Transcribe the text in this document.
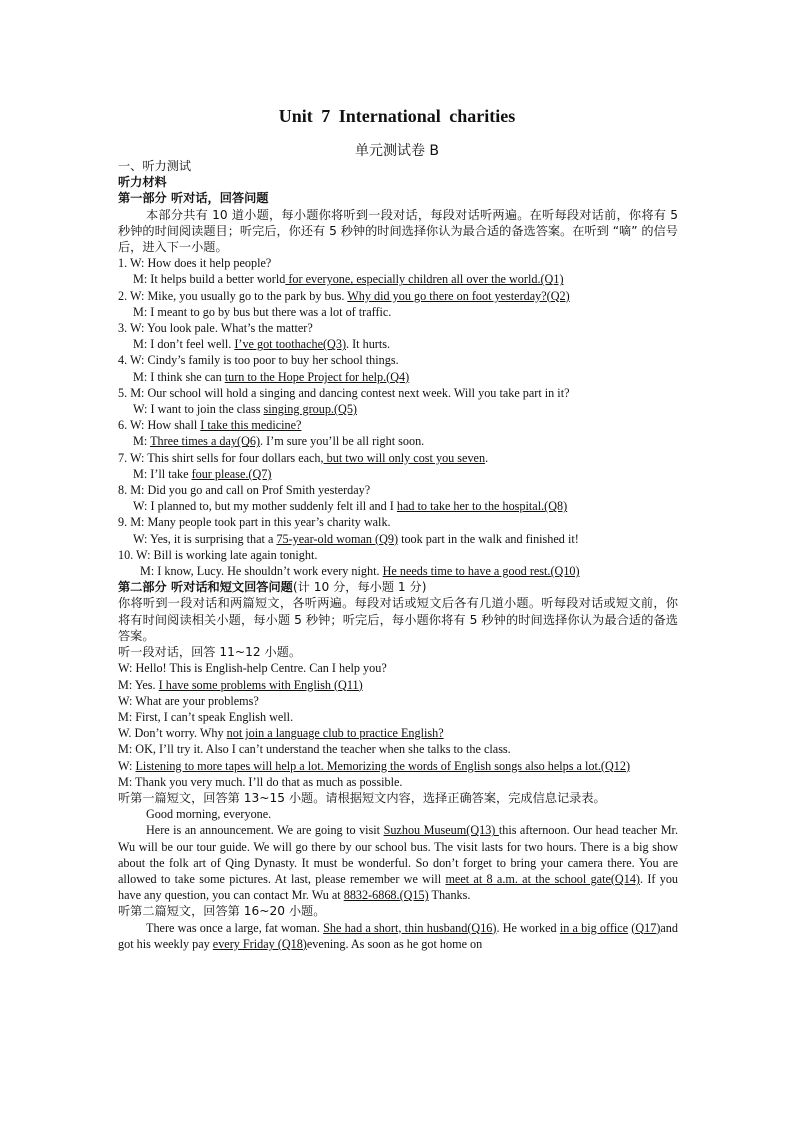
Unit 7 International charities
单元测试卷 B

一、听力测试

听力材料

第一部分 听对话，回答问题

本部分共有 10 道小题，每小题你将听到一段对话，每段对话听两遍。在听每段对话前，你将有 5 秒钟的时间阅读题目；听完后，你还有 5 秒钟的时间选择你认为最合适的备选答案。在听到 “嘀” 的信号后，进入下一小题。

1. W: How does it help people?

M: It helps build a better world for everyone, especially children all over the world.(Q1)

2. W: Mike, you usually go to the park by bus. Why did you go there on foot yesterday?(Q2)

M: I meant to go by bus but there was a lot of traffic.

3. W: You look pale. What’s the matter?

M: I don’t feel well. I’ve got toothache(Q3). It hurts.

4. W: Cindy’s family is too poor to buy her school things.

M: I think she can turn to the Hope Project for help.(Q4)

5. M: Our school will hold a singing and dancing contest next week. Will you take part in it?

W: I want to join the class singing group.(Q5)

6. W: How shall I take this medicine?

M: Three times a day(Q6). I’m sure you’ll be all right soon.

7. W: This shirt sells for four dollars each, but two will only cost you seven.

M: I’ll take four please.(Q7)

8. M: Did you go and call on Prof Smith yesterday?

W: I planned to, but my mother suddenly felt ill and I had to take her to the hospital.(Q8)

9. M: Many people took part in this year’s charity walk.

W: Yes, it is surprising that a 75-year-old woman (Q9) took part in the walk and finished it!

10. W: Bill is working late again tonight.

M: I know, Lucy. He shouldn’t work every night. He needs time to have a good rest.(Q10)

第二部分 听对话和短文回答问题(计 10 分，每小题 1 分)

你将听到一段对话和两篇短文，各听两遍。每段对话或短文后各有几道小题。听每段对话或短文前，你将有时间阅读相关小题，每小题 5 秒钟；听完后，每小题你将有 5 秒钟的时间选择你认为最合适的备选答案。

听一段对话，回答 11~12 小题。

W: Hello! This is English-help Centre. Can I help you?

M: Yes. I have some problems with English (Q11)

W: What are your problems?

M: First, I can’t speak English well.

W. Don’t worry. Why not join a language club to practice English?

M: OK, I’ll try it. Also I can’t understand the teacher when she talks to the class.

W: Listening to more tapes will help a lot. Memorizing the words of English songs also helps a lot.(Q12)

M: Thank you very much. I’ll do that as much as possible.

听第一篇短文，回答第 13~15 小题。请根据短文内容，选择正确答案，完成信息记录表。

Good morning, everyone.

Here is an announcement. We are going to visit Suzhou Museum(Q13) this afternoon. Our head teacher Mr. Wu will be our tour guide. We will go there by our school bus. The visit lasts for two hours. There is a big show about the folk art of Qing Dynasty. It must be wonderful. So don’t forget to bring your camera there. You are allowed to take some pictures. At last, please remember we will meet at 8 a.m. at the school gate(Q14). If you have any question, you can contact Mr. Wu at 8832-6868.(Q15) Thanks.

听第二篇短文，回答第 16~20 小题。

There was once a large, fat woman. She had a short, thin husband(Q16). He worked in a big office (Q17)and got his weekly pay every Friday (Q18)evening. As soon as he got home on
